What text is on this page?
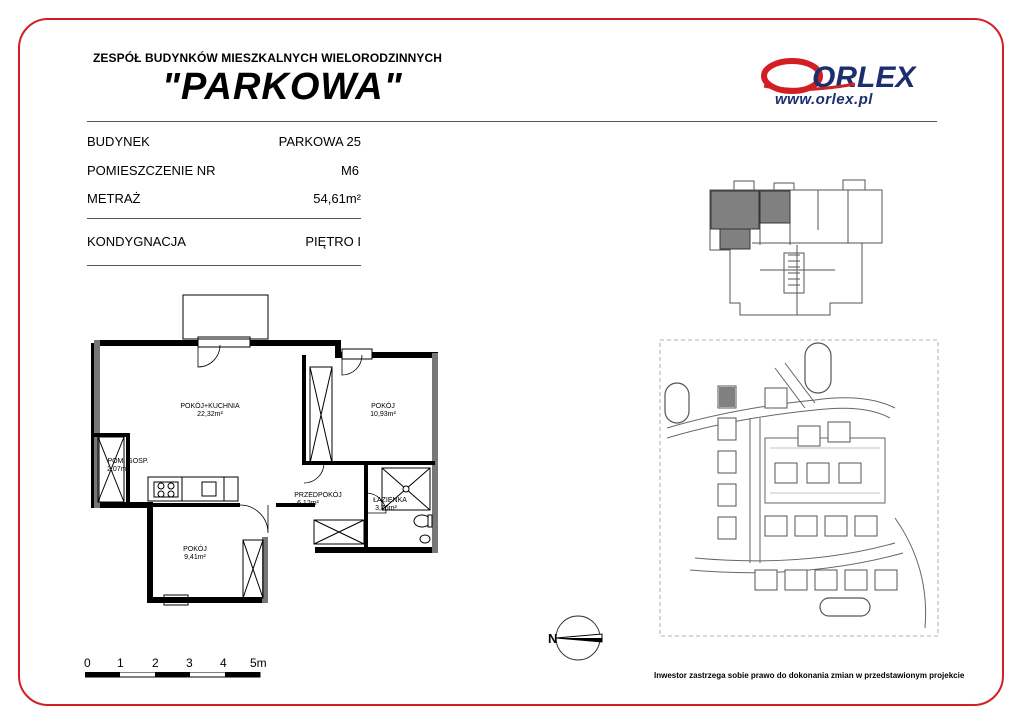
ZESPÓŁ BUDYNKÓW MIESZKALNYCH WIELORODZINNYCH
"PARKOWA"	ORLEX
www.orlex.pl
BUDYNEK	PARKOWA 25
POMIESZCZENIE NR	M6
METRAŻ	54,61m²
KONDYGNACJA	PIĘTRO I
POKÓJ+KUCHNIA
22,32m²
POKÓJ
10,93m²
POM. GOSP.
2,07m²
PRZEDPOKÓJ
6,12m²	ŁAZIENKA
3,76m²
POKÓJ
9,41m²
N
0 1 2 3 4 5m
Inwestor zastrzega sobie prawo do dokonania zmian w przedstawionym projekcie
